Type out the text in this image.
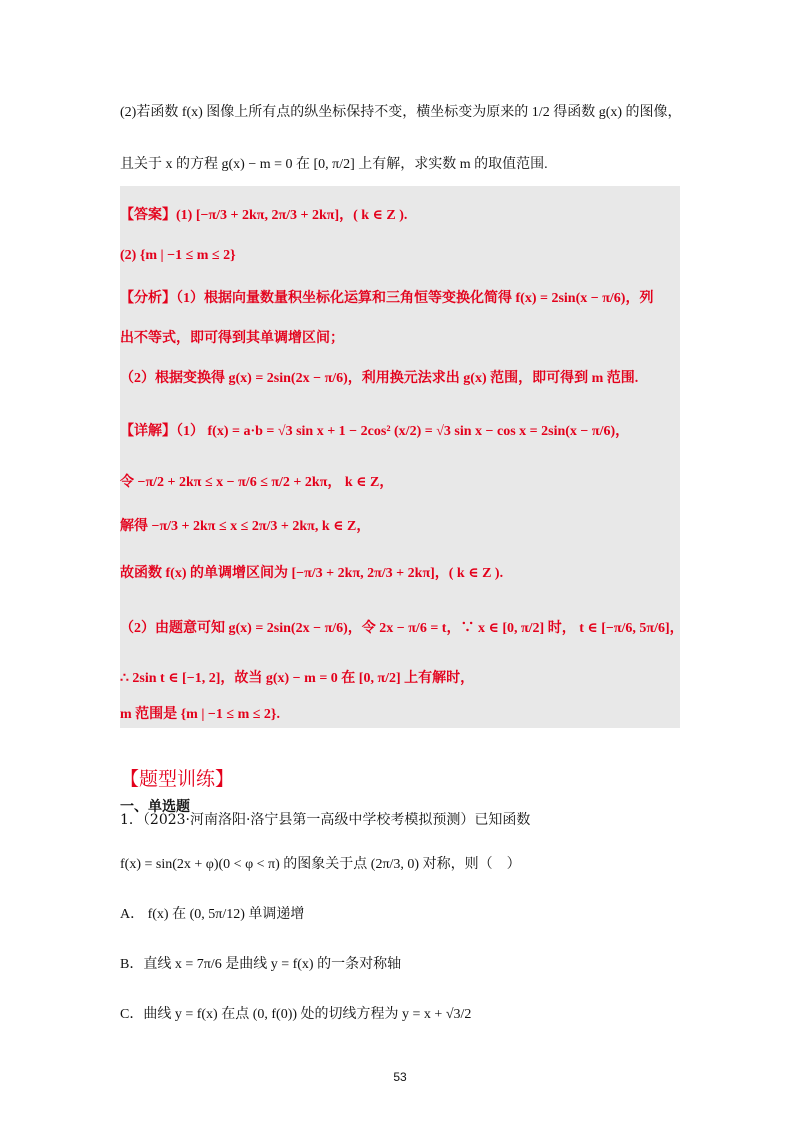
(2)若函数 f(x) 图像上所有点的纵坐标保持不变，横坐标变为原来的 1/2 得函数 g(x) 的图像，
且关于 x 的方程 g(x) − m = 0 在 [0, π/2] 上有解，求实数 m 的取值范围.
【答案】(1) [−π/3 + 2kπ, 2π/3 + 2kπ]，( k ∈ Z ).
(2) {m | −1 ≤ m ≤ 2}
【分析】（1）根据向量数量积坐标化运算和三角恒等变换化简得 f(x) = 2sin(x − π/6)，列
出不等式，即可得到其单调增区间；
（2）根据变换得 g(x) = 2sin(2x − π/6)，利用换元法求出 g(x) 范围，即可得到 m 范围.
【详解】（1） f(x) = a·b = √3 sin x + 1 − 2cos² (x/2) = √3 sin x − cos x = 2sin(x − π/6)，
令 −π/2 + 2kπ ≤ x − π/6 ≤ π/2 + 2kπ， k ∈ Z，
解得 −π/3 + 2kπ ≤ x ≤ 2π/3 + 2kπ, k ∈ Z，
故函数 f(x) 的单调增区间为 [−π/3 + 2kπ, 2π/3 + 2kπ]，( k ∈ Z ).
（2）由题意可知 g(x) = 2sin(2x − π/6)，令 2x − π/6 = t，∵ x ∈ [0, π/2] 时， t ∈ [−π/6, 5π/6]，
∴ 2sin t ∈ [−1, 2]，故当 g(x) − m = 0 在 [0, π/2] 上有解时，
m 范围是 {m | −1 ≤ m ≤ 2}.
【题型训练】
一、单选题
1．（2023·河南洛阳·洛宁县第一高级中学校考模拟预测）已知函数
f(x) = sin(2x + φ)(0 < φ < π) 的图象关于点 (2π/3, 0) 对称，则（　）
A． f(x) 在 (0, 5π/12) 单调递增
B．直线 x = 7π/6 是曲线 y = f(x) 的一条对称轴
C．曲线 y = f(x) 在点 (0, f(0)) 处的切线方程为 y = x + √3/2
53
